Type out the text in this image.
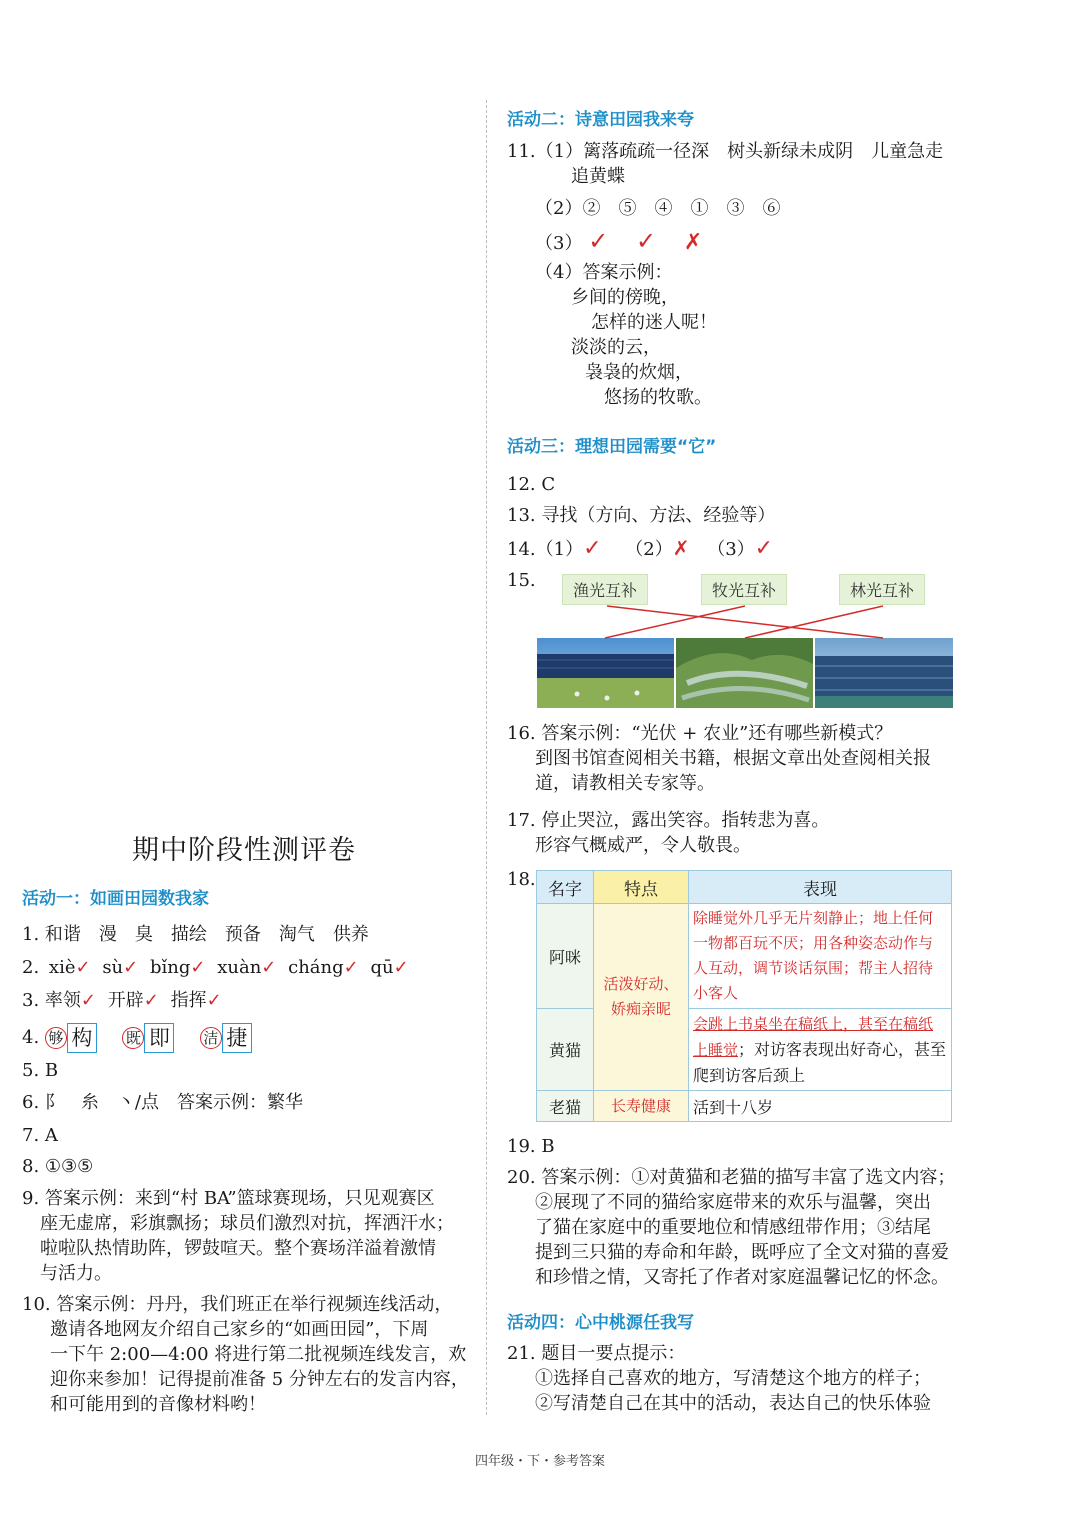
期中阶段性测评卷
活动一：如画田园数我家
1. 和谐　漫　臭　描绘　预备　淘气　供养
2. xiè✓ sù✓ bǐng✓ xuàn✓ cháng✓ qū✓
3. 率领✓ 开辟✓ 指挥✓
4. 够 构 既 即 洁 捷
5. B
6. 阝　糸　丶/点　答案示例：繁华
7. A
8. ①③⑤
9. 答案示例：来到“村 BA”篮球赛现场，只见观赛区
座无虚席，彩旗飘扬；球员们激烈对抗，挥洒汗水；
啦啦队热情助阵，锣鼓喧天。整个赛场洋溢着激情
与活力。
10. 答案示例：丹丹，我们班正在举行视频连线活动，
邀请各地网友介绍自己家乡的“如画田园”，下周
一下午 2:00—4:00 将进行第二批视频连线发言，欢
迎你来参加！记得提前准备 5 分钟左右的发言内容，
和可能用到的音像材料哟！
活动二：诗意田园我来夸
11.（1）篱落疏疏一径深　树头新绿未成阴　儿童急走
追黄蝶
（2）②　⑤　④　①　③　⑥
（3） ✓ ✓ ✗
（4）答案示例：
乡间的傍晚，
怎样的迷人呢！
淡淡的云，
袅袅的炊烟，
悠扬的牧歌。
活动三：理想田园需要“它”
12. C
13. 寻找（方向、方法、经验等）
14.（1）✓ （2）✗ （3）✓
15.	渔光互补	牧光互补	林光互补
16. 答案示例：“光伏 + 农业”还有哪些新模式？
到图书馆查阅相关书籍，根据文章出处查阅相关报
道，请教相关专家等。
17. 停止哭泣，露出笑容。指转悲为喜。
形容气概威严，令人敬畏。
18. 名字	特点	表现
阿咪	活泼好动、娇痴亲昵	除睡觉外几乎无片刻静止；地上任何一物都百玩不厌；用各种姿态动作与人互动，调节谈话氛围；帮主人招待小客人
黄猫		会跳上书桌坐在稿纸上，甚至在稿纸上睡觉；对访客表现出好奇心，甚至爬到访客后颈上
老猫	长寿健康	活到十八岁
19. B
20. 答案示例：①对黄猫和老猫的描写丰富了选文内容；
②展现了不同的猫给家庭带来的欢乐与温馨，突出
了猫在家庭中的重要地位和情感纽带作用；③结尾
提到三只猫的寿命和年龄，既呼应了全文对猫的喜爱
和珍惜之情，又寄托了作者对家庭温馨记忆的怀念。
活动四：心中桃源任我写
21. 题目一要点提示：
①选择自己喜欢的地方，写清楚这个地方的样子；
②写清楚自己在其中的活动，表达自己的快乐体验
四年级・下・参考答案
